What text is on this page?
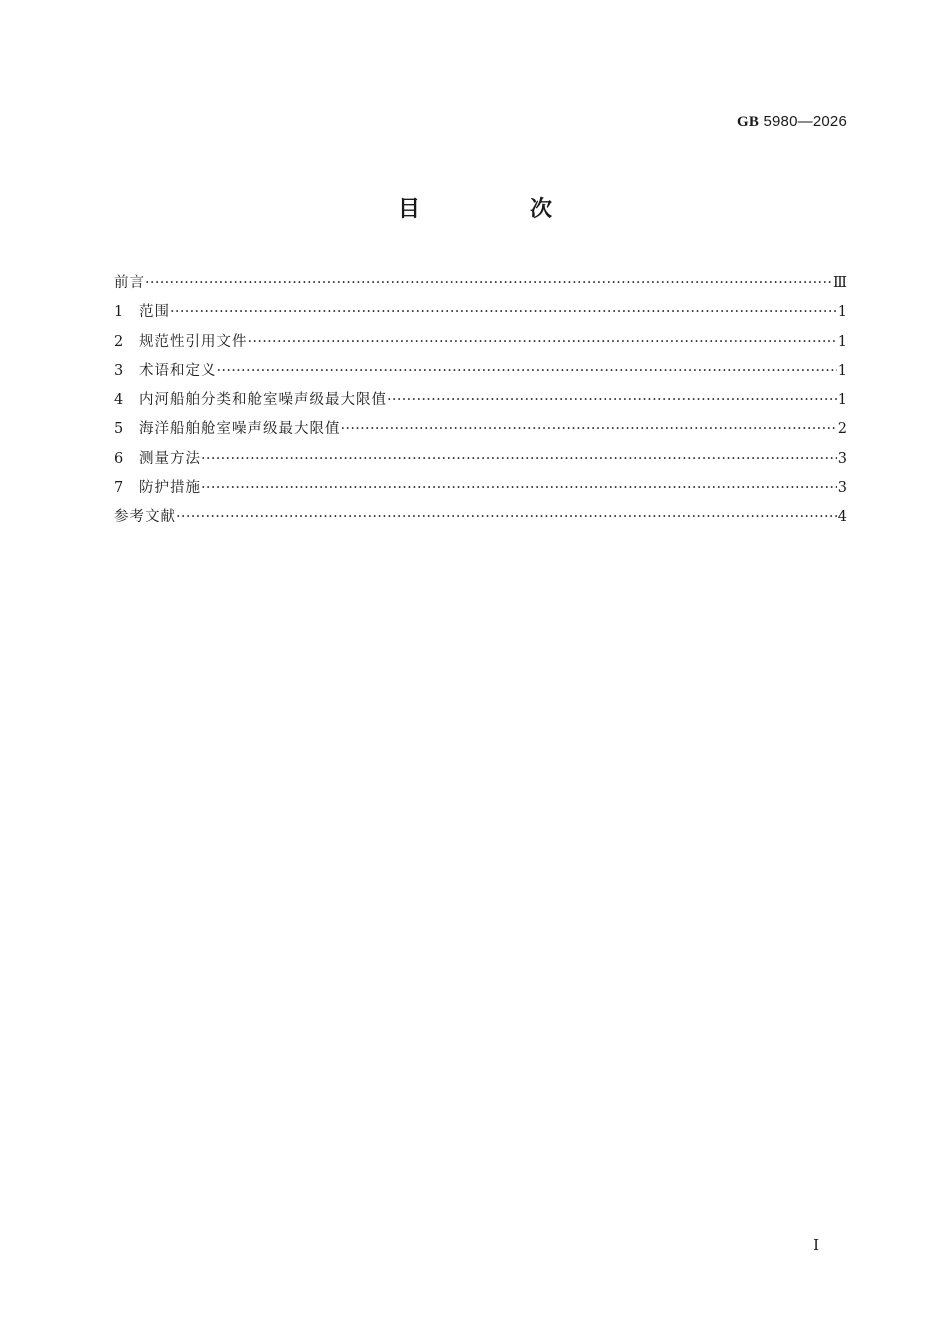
GB 5980—2026
目　次
前言 ·····	Ⅲ
1	范围 ·····	1
2	规范性引用文件 ·····	1
3	术语和定义 ·····	1
4	内河船舶分类和舱室噪声级最大限值 ·····	1
5	海洋船舶舱室噪声级最大限值 ·····	2
6	测量方法 ·····	3
7	防护措施 ·····	3
参考文献 ·····	4
Ⅰ
